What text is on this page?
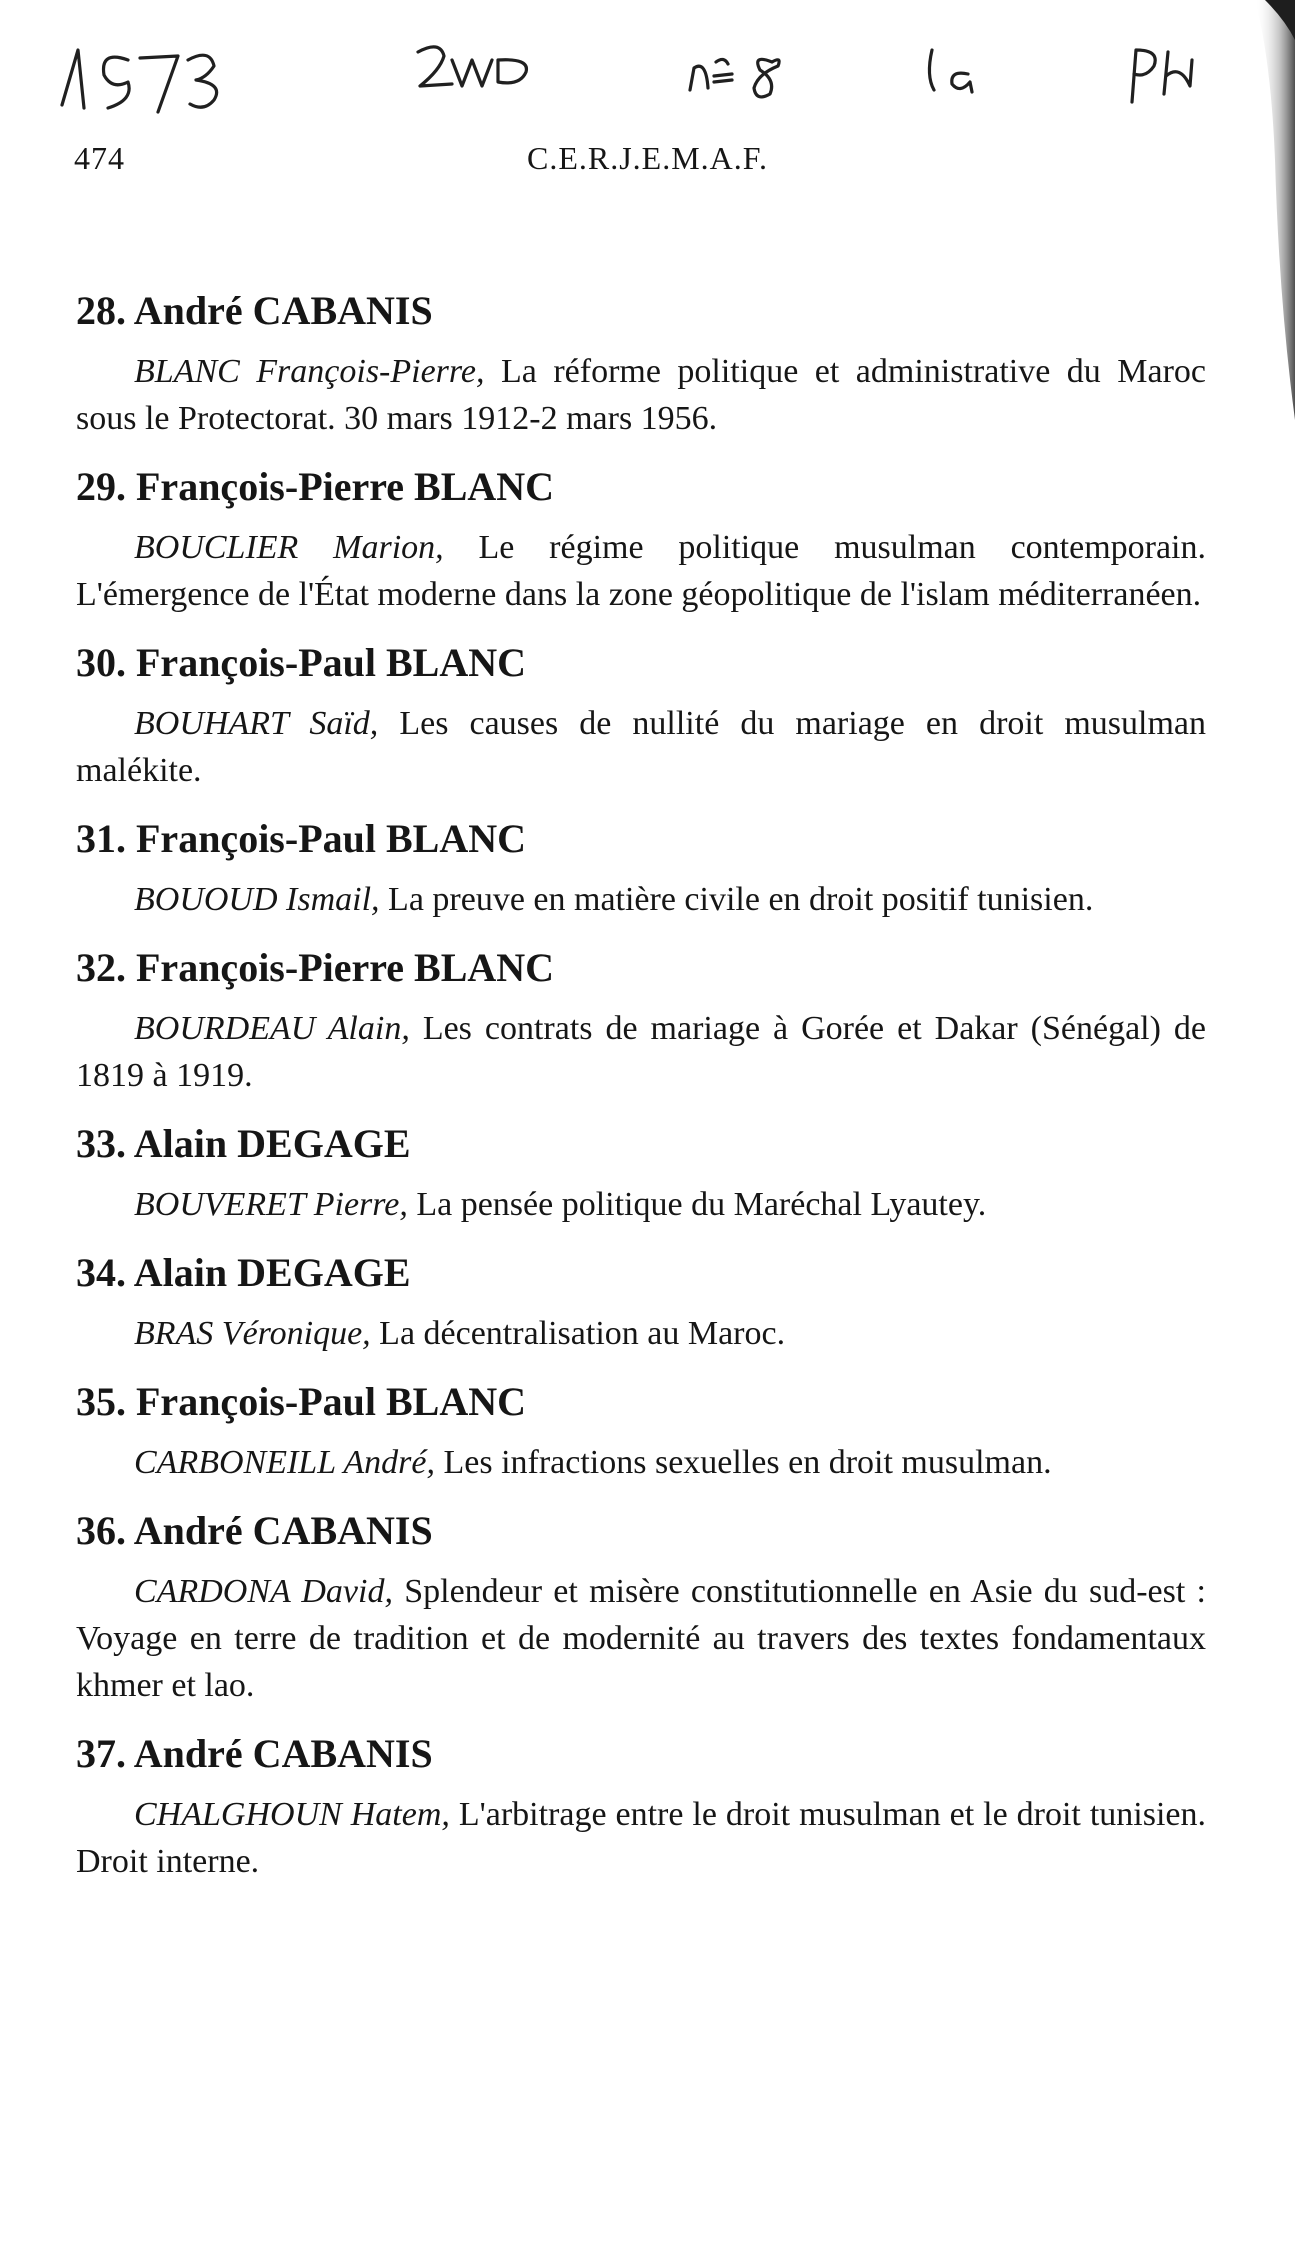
474	C.E.R.J.E.M.A.F.
28. André CABANIS

BLANC François-Pierre, La réforme politique et administrative du Maroc sous le Protectorat. 30 mars 1912-2 mars 1956.

29. François-Pierre BLANC

BOUCLIER Marion, Le régime politique musulman contemporain. L'émergence de l'État moderne dans la zone géopolitique de l'islam méditerranéen.

30. François-Paul BLANC

BOUHART Saïd, Les causes de nullité du mariage en droit musulman malékite.

31. François-Paul BLANC

BOUOUD Ismail, La preuve en matière civile en droit positif tunisien.

32. François-Pierre BLANC

BOURDEAU Alain, Les contrats de mariage à Gorée et Dakar (Sénégal) de 1819 à 1919.

33. Alain DEGAGE

BOUVERET Pierre, La pensée politique du Maréchal Lyautey.

34. Alain DEGAGE

BRAS Véronique, La décentralisation au Maroc.

35. François-Paul BLANC

CARBONEILL André, Les infractions sexuelles en droit musulman.

36. André CABANIS

CARDONA David, Splendeur et misère constitutionnelle en Asie du sud-est : Voyage en terre de tradition et de modernité au travers des textes fondamentaux khmer et lao.

37. André CABANIS

CHALGHOUN Hatem, L'arbitrage entre le droit musulman et le droit tunisien. Droit interne.
